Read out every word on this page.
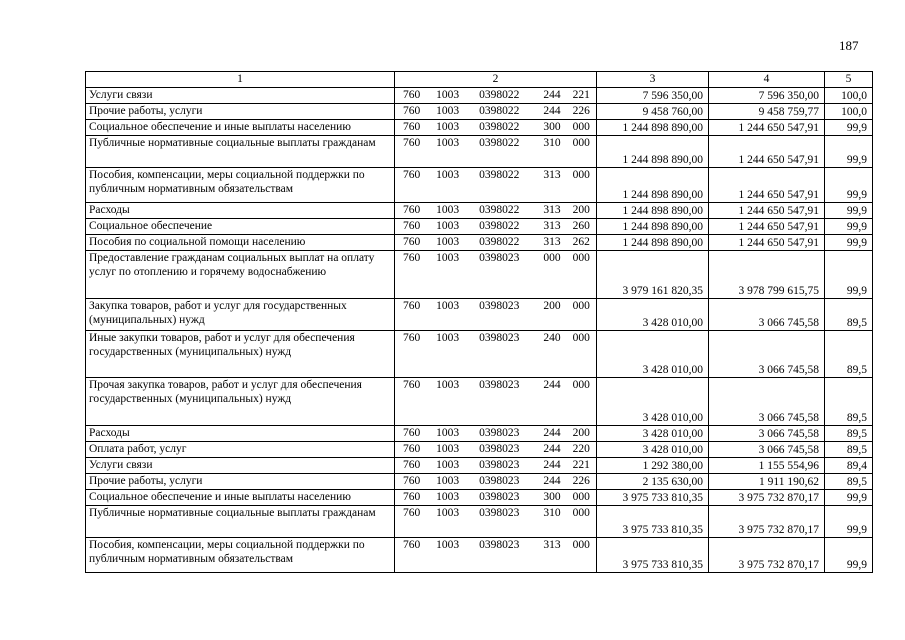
187
1	2	3	4	5
Услуги связи	760 1003 0398022 244 221	7 596 350,00	7 596 350,00	100,0
Прочие работы, услуги	760 1003 0398022 244 226	9 458 760,00	9 458 759,77	100,0
Социальное обеспечение и иные выплаты населению	760 1003 0398022 300 000	1 244 898 890,00	1 244 650 547,91	99,9
Публичные нормативные социальные выплаты гражданам	760 1003 0398022 310 000	1 244 898 890,00	1 244 650 547,91	99,9
Пособия, компенсации, меры социальной поддержки по публичным нормативным обязательствам	760 1003 0398022 313 000	1 244 898 890,00	1 244 650 547,91	99,9
Расходы	760 1003 0398022 313 200	1 244 898 890,00	1 244 650 547,91	99,9
Социальное обеспечение	760 1003 0398022 313 260	1 244 898 890,00	1 244 650 547,91	99,9
Пособия по социальной помощи населению	760 1003 0398022 313 262	1 244 898 890,00	1 244 650 547,91	99,9
Предоставление гражданам социальных выплат на оплату услуг по отоплению и горячему водоснабжению	760 1003 0398023 000 000	3 979 161 820,35	3 978 799 615,75	99,9
Закупка товаров, работ и услуг для государственных (муниципальных) нужд	760 1003 0398023 200 000	3 428 010,00	3 066 745,58	89,5
Иные закупки товаров, работ и услуг для обеспечения государственных (муниципальных) нужд	760 1003 0398023 240 000	3 428 010,00	3 066 745,58	89,5
Прочая закупка товаров, работ и услуг для обеспечения государственных (муниципальных) нужд	760 1003 0398023 244 000	3 428 010,00	3 066 745,58	89,5
Расходы	760 1003 0398023 244 200	3 428 010,00	3 066 745,58	89,5
Оплата работ, услуг	760 1003 0398023 244 220	3 428 010,00	3 066 745,58	89,5
Услуги связи	760 1003 0398023 244 221	1 292 380,00	1 155 554,96	89,4
Прочие работы, услуги	760 1003 0398023 244 226	2 135 630,00	1 911 190,62	89,5
Социальное обеспечение и иные выплаты населению	760 1003 0398023 300 000	3 975 733 810,35	3 975 732 870,17	99,9
Публичные нормативные социальные выплаты гражданам	760 1003 0398023 310 000	3 975 733 810,35	3 975 732 870,17	99,9
Пособия, компенсации, меры социальной поддержки по публичным нормативным обязательствам	760 1003 0398023 313 000	3 975 733 810,35	3 975 732 870,17	99,9
